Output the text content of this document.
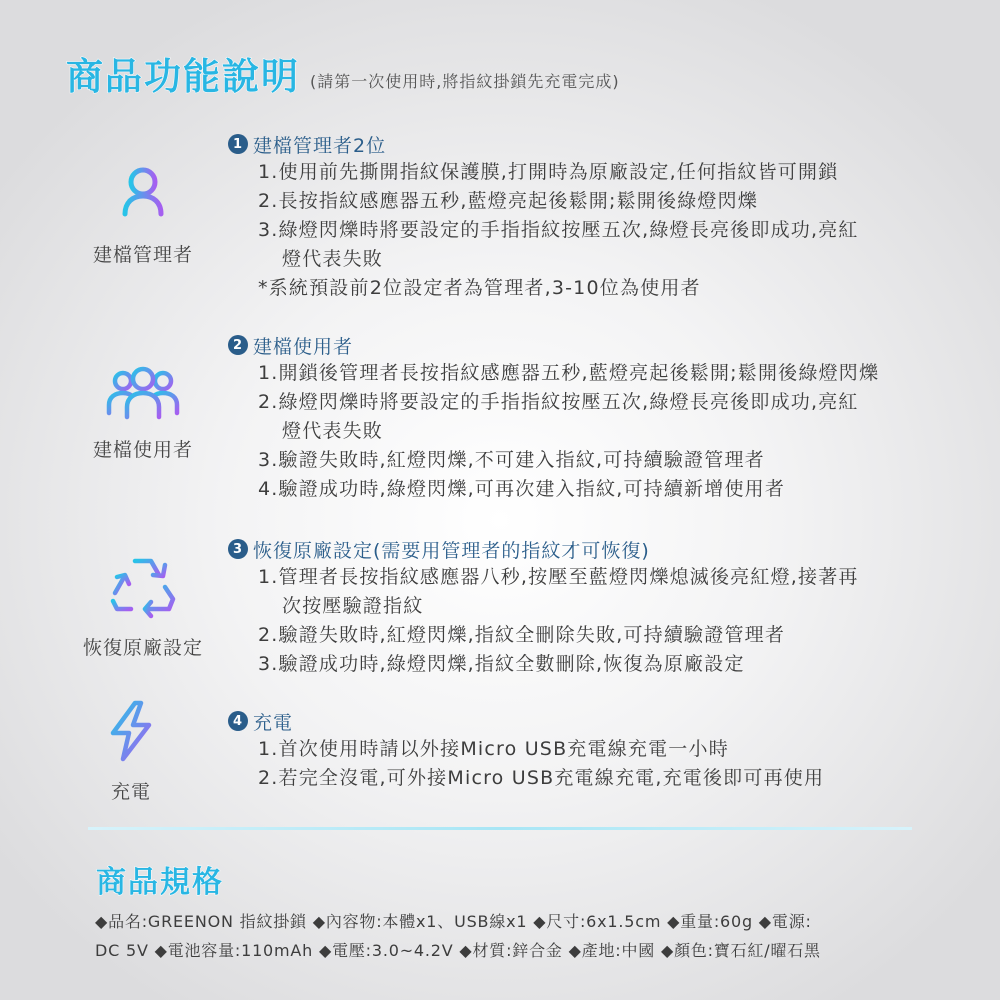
商品功能說明 (請第一次使用時,將指紋掛鎖先充電完成)
建檔管理者
1 建檔管理者2位
1.使用前先撕開指紋保護膜,打開時為原廠設定,任何指紋皆可開鎖
2.長按指紋感應器五秒,藍燈亮起後鬆開;鬆開後綠燈閃爍
3.綠燈閃爍時將要設定的手指指紋按壓五次,綠燈長亮後即成功,亮紅
燈代表失敗
*系統預設前2位設定者為管理者,3-10位為使用者
建檔使用者
2 建檔使用者
1.開鎖後管理者長按指紋感應器五秒,藍燈亮起後鬆開;鬆開後綠燈閃爍
2.綠燈閃爍時將要設定的手指指紋按壓五次,綠燈長亮後即成功,亮紅
燈代表失敗
3.驗證失敗時,紅燈閃爍,不可建入指紋,可持續驗證管理者
4.驗證成功時,綠燈閃爍,可再次建入指紋,可持續新增使用者
恢復原廠設定
3 恢復原廠設定(需要用管理者的指紋才可恢復)
1.管理者長按指紋感應器八秒,按壓至藍燈閃爍熄滅後亮紅燈,接著再
次按壓驗證指紋
2.驗證失敗時,紅燈閃爍,指紋全刪除失敗,可持續驗證管理者
3.驗證成功時,綠燈閃爍,指紋全數刪除,恢復為原廠設定
充電
4 充電
1.首次使用時請以外接Micro USB充電線充電一小時
2.若完全沒電,可外接Micro USB充電線充電,充電後即可再使用
商品規格
◆品名:GREENON 指紋掛鎖 ◆內容物:本體x1、USB線x1 ◆尺寸:6x1.5cm ◆重量:60g ◆電源:
DC 5V ◆電池容量:110mAh ◆電壓:3.0~4.2V ◆材質:鋅合金 ◆產地:中國 ◆顏色:寶石紅/曜石黑
